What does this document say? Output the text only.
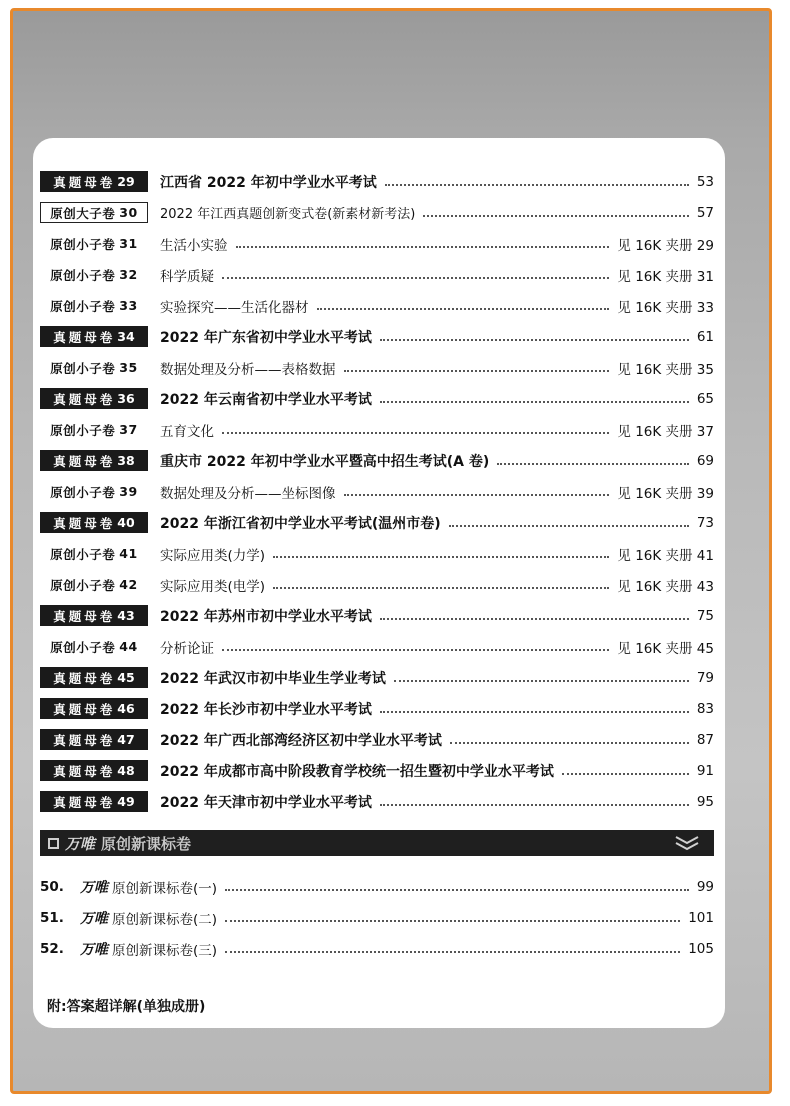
真题母卷 29 江西省 2022 年初中学业水平考试	53
原创大子卷 30 2022 年江西真题创新变式卷(新素材新考法)	57
原创小子卷 31 生活小实验	见 16K 夹册 29
原创小子卷 32 科学质疑	见 16K 夹册 31
原创小子卷 33 实验探究——生活化器材	见 16K 夹册 33
真题母卷 34 2022 年广东省初中学业水平考试	61
原创小子卷 35 数据处理及分析——表格数据	见 16K 夹册 35
真题母卷 36 2022 年云南省初中学业水平考试	65
原创小子卷 37 五育文化	见 16K 夹册 37
真题母卷 38 重庆市 2022 年初中学业水平暨高中招生考试(A 卷)	69
原创小子卷 39 数据处理及分析——坐标图像	见 16K 夹册 39
真题母卷 40 2022 年浙江省初中学业水平考试(温州市卷)	73
原创小子卷 41 实际应用类(力学)	见 16K 夹册 41
原创小子卷 42 实际应用类(电学)	见 16K 夹册 43
真题母卷 43 2022 年苏州市初中学业水平考试	75
原创小子卷 44 分析论证	见 16K 夹册 45
真题母卷 45 2022 年武汉市初中毕业生学业考试	79
真题母卷 46 2022 年长沙市初中学业水平考试	83
真题母卷 47 2022 年广西北部湾经济区初中学业水平考试	87
真题母卷 48 2022 年成都市高中阶段教育学校统一招生暨初中学业水平考试	91
真题母卷 49 2022 年天津市初中学业水平考试	95
万唯 原创新课标卷
50.	万唯 原创新课标卷(一)	99
51.	万唯 原创新课标卷(二)	101
52.	万唯 原创新课标卷(三)	105
附:答案超详解(单独成册)
